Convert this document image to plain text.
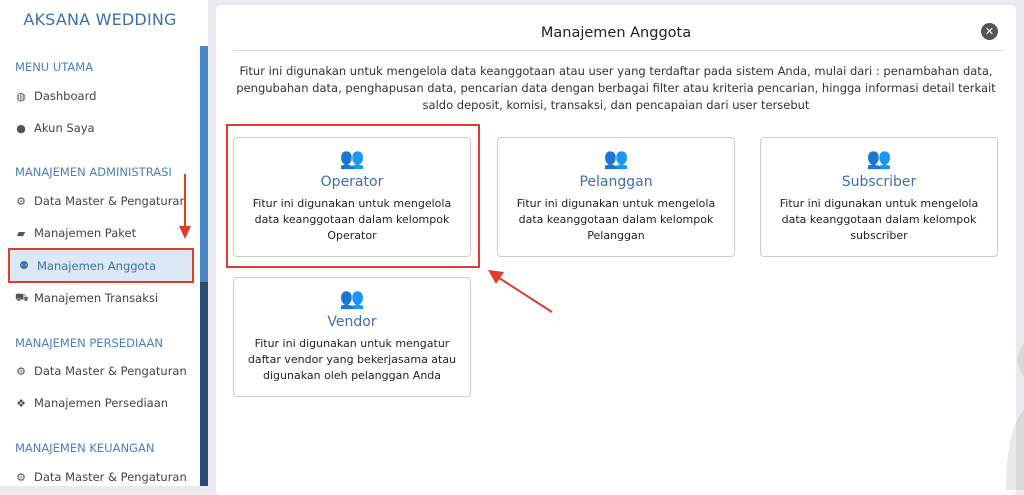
AKSANA WEDDING
MENU UTAMA
◍ Dashboard
● Akun Saya
MANAJEMEN ADMINISTRASI
⚙ Data Master & Pengaturan
▰ Manajemen Paket
⚉ Manajemen Anggota
⛟ Manajemen Transaksi
MANAJEMEN PERSEDIAAN
⚙ Data Master & Pengaturan
❖ Manajemen Persediaan
MANAJEMEN KEUANGAN
⚙ Data Master & Pengaturan
Manajemen Anggota	✕
Fitur ini digunakan untuk mengelola data keanggotaan atau user yang terdaftar pada sistem Anda, mulai dari : penambahan data, pengubahan data, penghapusan data, pencarian data dengan berbagai filter atau kriteria pencarian, hingga informasi detail terkait saldo deposit, komisi, transaksi, dan pencapaian dari user tersebut
👥
Operator

Fitur ini digunakan untuk mengelola data keanggotaan dalam kelompok Operator

👥
Pelanggan

Fitur ini digunakan untuk mengelola data keanggotaan dalam kelompok Pelanggan

👥
Subscriber

Fitur ini digunakan untuk mengelola data keanggotaan dalam kelompok subscriber

👥
Vendor

Fitur ini digunakan untuk mengatur daftar vendor yang bekerjasama atau digunakan oleh pelanggan Anda
